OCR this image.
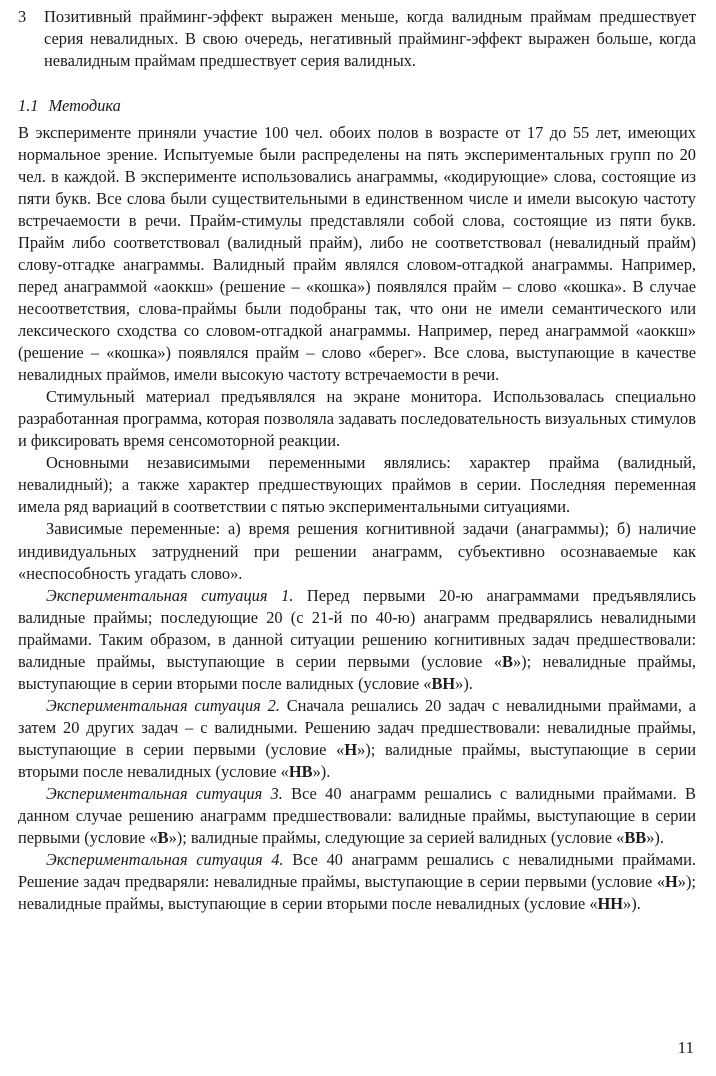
3	Позитивный прайминг-эффект выражен меньше, когда валидным праймам предшествует серия невалидных. В свою очередь, негативный прайминг-эффект выражен больше, когда невалидным праймам предшествует серия валидных.
1.1 Методика

В эксперименте приняли участие 100 чел. обоих полов в возрасте от 17 до 55 лет, имеющих нормальное зрение. Испытуемые были распределены на пять экспериментальных групп по 20 чел. в каждой. В эксперименте использовались анаграммы, «кодирующие» слова, состоящие из пяти букв. Все слова были существительными в единственном числе и имели высокую частоту встречаемости в речи. Прайм-стимулы представляли собой слова, состоящие из пяти букв. Прайм либо соответствовал (валидный прайм), либо не соответствовал (невалидный прайм) слову-отгадке анаграммы. Валидный прайм являлся словом-отгадкой анаграммы. Например, перед анаграммой «аоккш» (решение – «кошка») появлялся прайм – слово «кошка». В случае несоответствия, слова-праймы были подобраны так, что они не имели семантического или лексического сходства со словом-отгадкой анаграммы. Например, перед анаграммой «аоккш» (решение – «кошка») появлялся прайм – слово «берег». Все слова, выступающие в качестве невалидных праймов, имели высокую частоту встречаемости в речи.

Стимульный материал предъявлялся на экране монитора. Использовалась специально разработанная программа, которая позволяла задавать последовательность визуальных стимулов и фиксировать время сенсомоторной реакции.

Основными независимыми переменными являлись: характер прайма (валидный, невалидный); а также характер предшествующих праймов в серии. Последняя переменная имела ряд вариаций в соответствии с пятью экспериментальными ситуациями.

Зависимые переменные: а) время решения когнитивной задачи (анаграммы); б) наличие индивидуальных затруднений при решении анаграмм, субъективно осознаваемые как «неспособность угадать слово».

Экспериментальная ситуация 1. Перед первыми 20-ю анаграммами предъявлялись валидные праймы; последующие 20 (с 21-й по 40-ю) анаграмм предварялись невалидными праймами. Таким образом, в данной ситуации решению когнитивных задач предшествовали: валидные праймы, выступающие в серии первыми (условие «В»); невалидные праймы, выступающие в серии вторыми после валидных (условие «ВН»).

Экспериментальная ситуация 2. Сначала решались 20 задач с невалидными праймами, а затем 20 других задач – с валидными. Решению задач предшествовали: невалидные праймы, выступающие в серии первыми (условие «Н»); валидные праймы, выступающие в серии вторыми после невалидных (условие «НВ»).

Экспериментальная ситуация 3. Все 40 анаграмм решались с валидными праймами. В данном случае решению анаграмм предшествовали: валидные праймы, выступающие в серии первыми (условие «В»); валидные праймы, следующие за серией валидных (условие «ВВ»).

Экспериментальная ситуация 4. Все 40 анаграмм решались с невалидными праймами. Решение задач предваряли: невалидные праймы, выступающие в серии первыми (условие «Н»); невалидные праймы, выступающие в серии вторыми после невалидных (условие «НН»).

11
